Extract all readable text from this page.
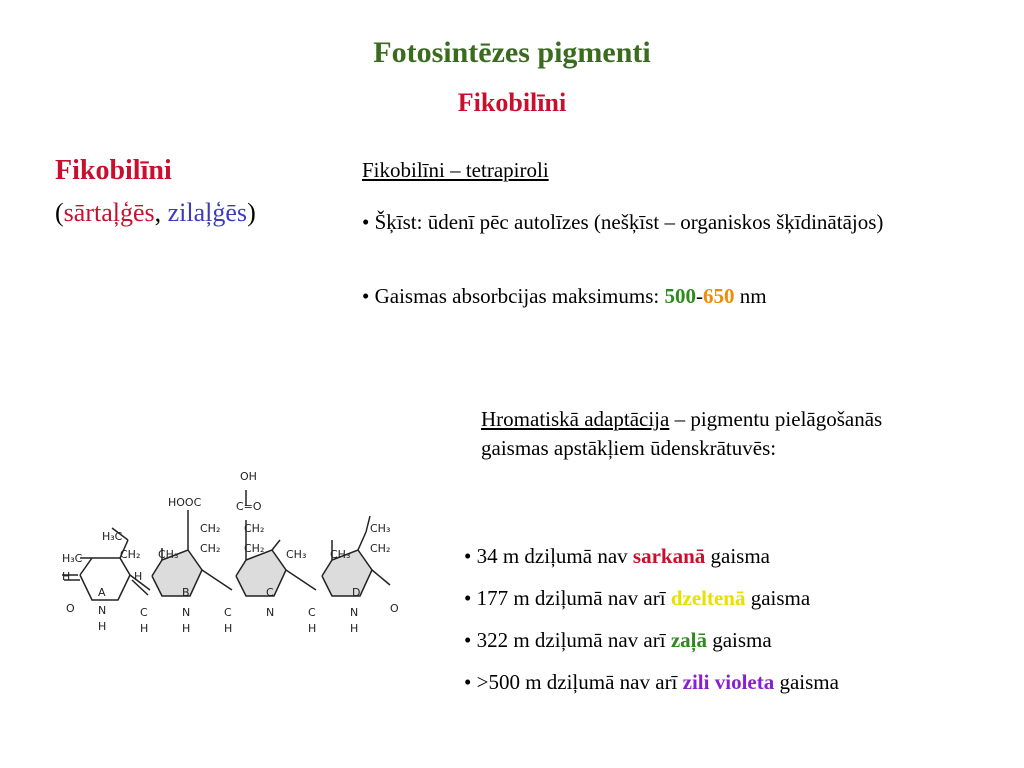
Fotosintēzes pigmenti
Fikobilīni
Fikobilīni
(sārtaļģēs, zilaļģēs)
Fikobilīni – tetrapiroli
• Šķīst: ūdenī pēc autolīzes (nešķīst – organiskos šķīdinātājos)
• Gaismas absorbcijas maksimums: 500-650 nm
Hromatiskā adaptācija – pigmentu pielāgošanās gaismas apstākļiem ūdenskrātuvēs:
• 34 m dziļumā nav sarkanā gaisma
• 177 m dziļumā nav arī dzeltenā gaisma
• 322 m dziļumā nav arī zaļā gaisma
• >500 m dziļumā nav arī zili violeta gaisma
OH
C=O
HOOC
CH₂
CH₂
CH₂
CH₂
CH₃	CH₃ CH₃
CH₃
CH₂
H₃C
CH₂
H₃C
H	H
O N
H
C
H
N
H
C
H
N	C
H
N
H
O
A	B	C	D
